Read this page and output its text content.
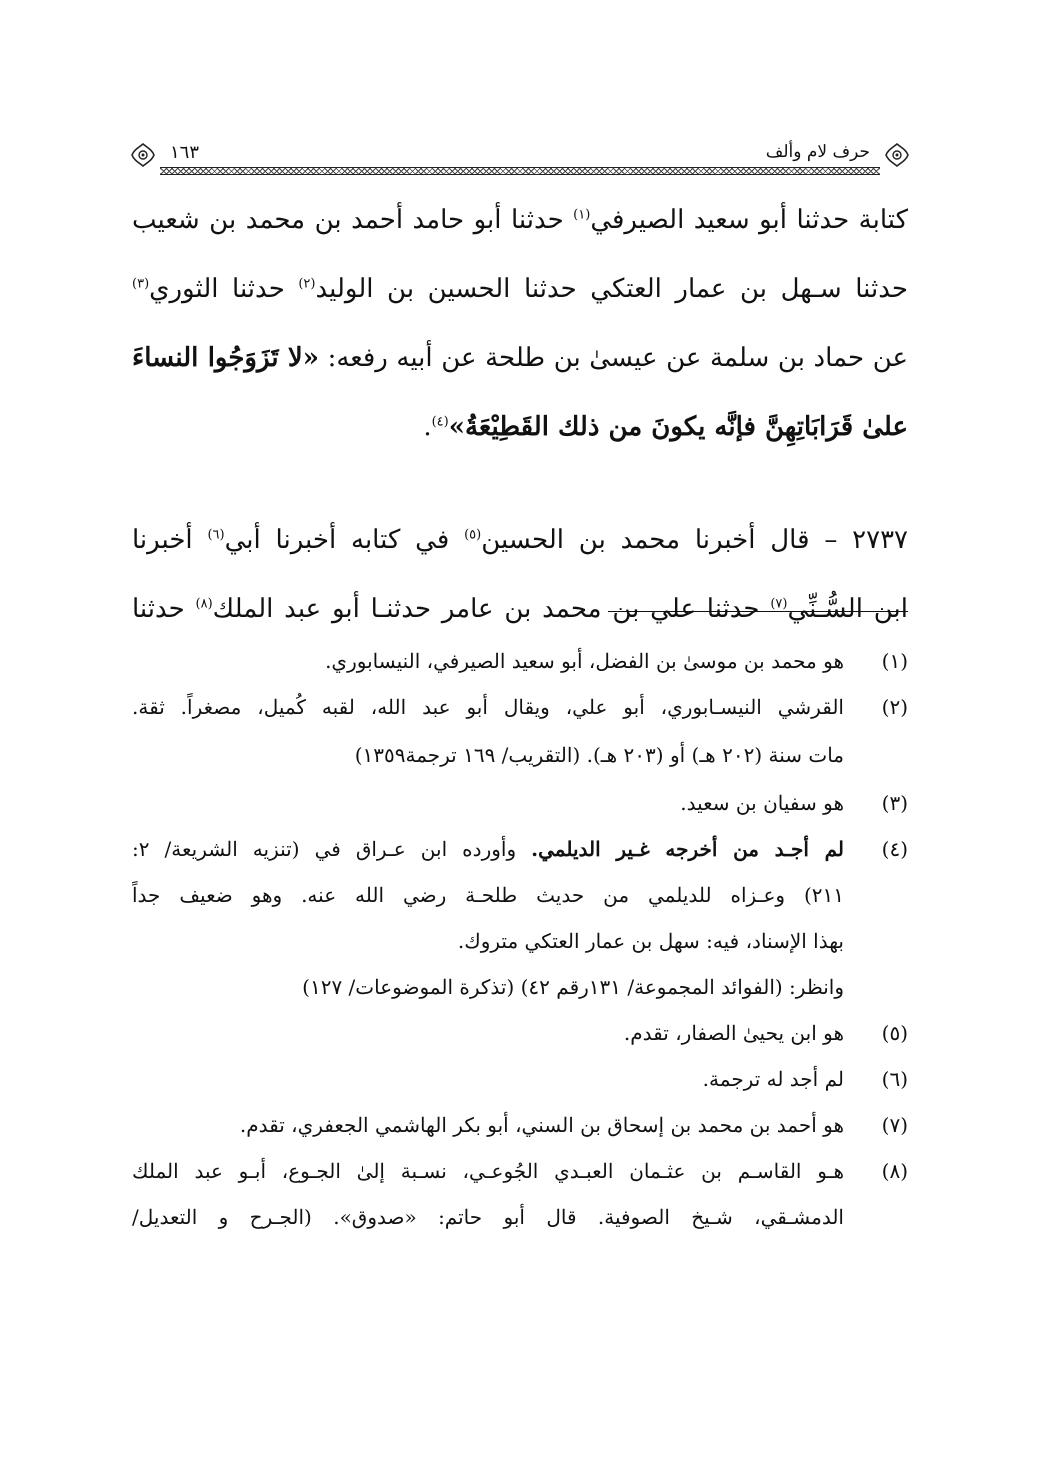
حرف لام وألف
١٦٣
كتابة حدثنا أبو سعيد الصيرفي$^{(١)}$ حدثنا أبو حامد أحمد بن محمد بن شعيب
حدثنا سـهل بن عمار العتكي حدثنا الحسين بن الوليد$^{(٢)}$ حدثنا الثوري$^{(٣)}$
عن حماد بن سلمة عن عيسىٰ بن طلحة عن أبيه رفعه: «لا تَزَوَجُوا النساءَ
علىٰ قَرَابَاتِهِنَّ فإنَّه يكونَ من ذلك القَطِيْعَةُ»$^{(٤)}$.
٢٧٣٧ – قال أخبرنا محمد بن الحسين$^{(٥)}$ في كتابه أخبرنا أبي$^{(٦)}$ أخبرنا
ابن السُّـنِّي$^{(٧)}$ حدثنا علي بن محمد بن عامر حدثنـا أبو عبد الملك$^{(٨)}$ حدثنا
(١)
هو محمد بن موسىٰ بن الفضل، أبو سعيد الصيرفي، النيسابوري.
(٢)
القرشي النيسـابوري، أبو علي، ويقال أبو عبد الله، لقبه كُميل، مصغراً. ثقة.
مات سنة (٢٠٢ هـ) أو (٢٠٣ هـ). (التقريب/ ١٦٩ ترجمة١٣٥٩)
(٣)
هو سفيان بن سعيد.
(٤)
لم أجـد من أخرجه غـير الديلمي. وأورده ابن عـراق في (تنزيه الشريعة/ ٢:
٢١١) وعـزاه للديلمي من حديث طلحـة رضي الله عنه. وهو ضعيف جداً
بهذا الإسناد، فيه: سهل بن عمار العتكي متروك.
وانظر: (الفوائد المجموعة/ ١٣١رقم ٤٢) (تذكرة الموضوعات/ ١٢٧)
(٥)
هو ابن يحيىٰ الصفار، تقدم.
(٦)
لم أجد له ترجمة.
(٧)
هو أحمد بن محمد بن إسحاق بن السني، أبو بكر الهاشمي الجعفري، تقدم.
(٨)
هـو القاسـم بن عثـمان العبـدي الجُوعـي، نسـبة إلىٰ الجـوع، أبـو عبد الملك
الدمشـقي، شـيخ الصوفية. قال أبو حاتم: «صدوق». (الجـرح و التعديل/
